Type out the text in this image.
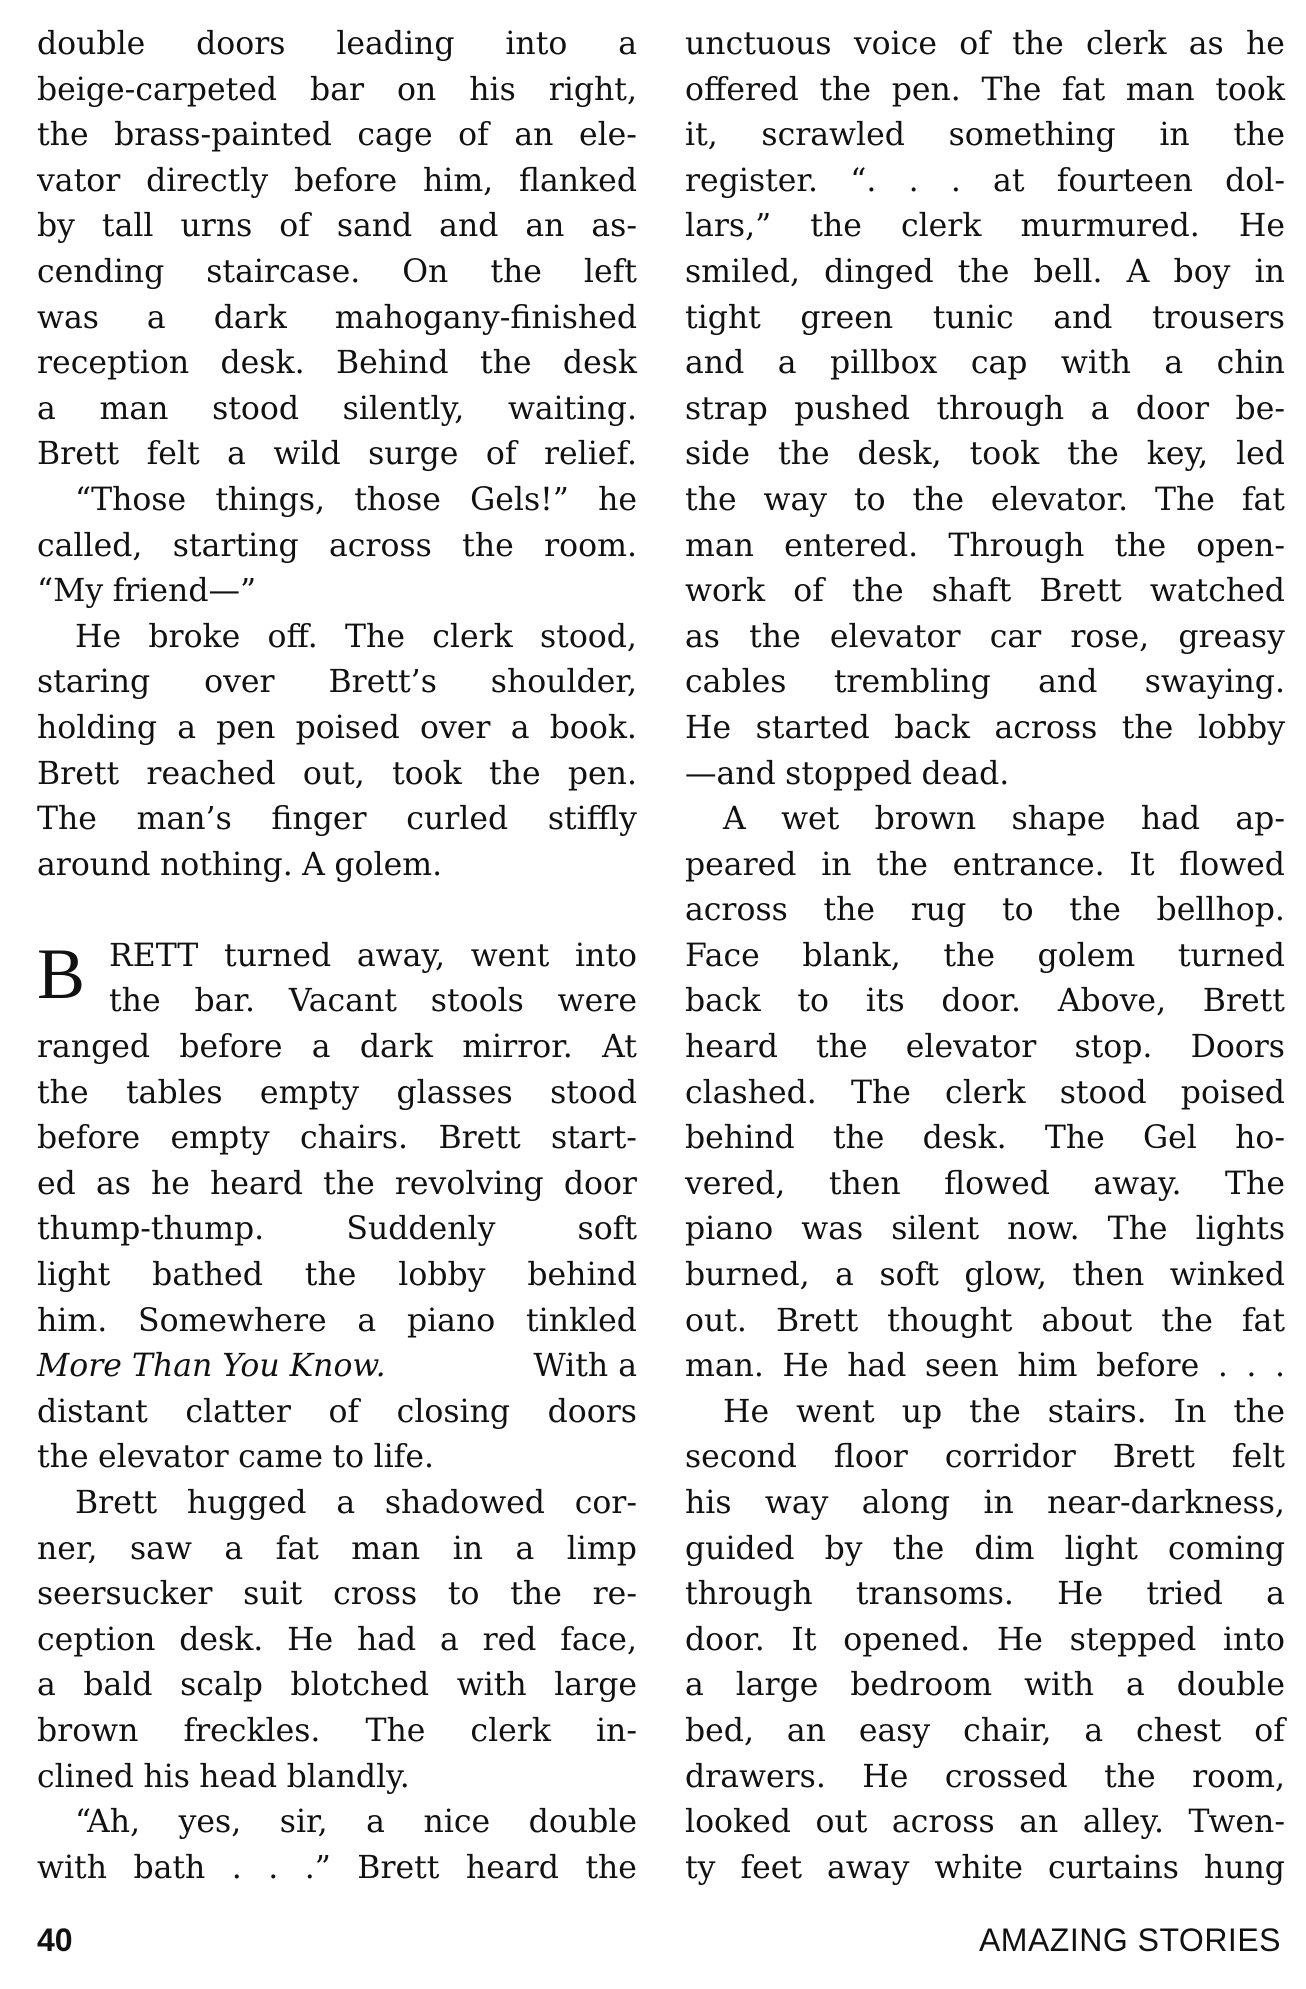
double doors leading into a
beige-carpeted bar on his right,
the brass-painted cage of an ele-
vator directly before him, flanked
by tall urns of sand and an as-
cending staircase. On the left
was a dark mahogany-finished
reception desk. Behind the desk
a man stood silently, waiting.
Brett felt a wild surge of relief.
“Those things, those Gels!” he
called, starting across the room.
“My friend—”
He broke off. The clerk stood,
staring over Brett’s shoulder,
holding a pen poised over a book.
Brett reached out, took the pen.
The man’s finger curled stiffly
around nothing. A golem.
B RETT turned away, went into
the bar. Vacant stools were
ranged before a dark mirror. At
the tables empty glasses stood
before empty chairs. Brett start-
ed as he heard the revolving door
thump-thump.	Suddenly	soft
light bathed the lobby behind
him. Somewhere a piano tinkled
More Than You Know.	With a
distant clatter of closing doors
the elevator came to life.
Brett hugged a shadowed cor-
ner, saw a fat man in a limp
seersucker suit cross to the re-
ception desk. He had a red face,
a bald scalp blotched with large
brown freckles. The clerk in-
clined his head blandly.
“Ah, yes, sir, a nice double
with bath . . .” Brett heard the
unctuous voice of the clerk as he
offered the pen. The fat man took
it, scrawled something in the
register. “. . . at fourteen dol-
lars,” the clerk murmured. He
smiled, dinged the bell. A boy in
tight green tunic and trousers
and a pillbox cap with a chin
strap pushed through a door be-
side the desk, took the key, led
the way to the elevator. The fat
man entered. Through the open-
work of the shaft Brett watched
as the elevator car rose, greasy
cables trembling and swaying.
He started back across the lobby
—and stopped dead.
A wet brown shape had ap-
peared in the entrance. It flowed
across the rug to the bellhop.
Face blank, the golem turned
back to its door. Above, Brett
heard the elevator stop. Doors
clashed. The clerk stood poised
behind the desk. The Gel ho-
vered, then flowed away. The
piano was silent now. The lights
burned, a soft glow, then winked
out. Brett thought about the fat
man. He had seen him before . . .
He went up the stairs. In the
second floor corridor Brett felt
his way along in near-darkness,
guided by the dim light coming
through transoms. He tried a
door. It opened. He stepped into
a large bedroom with a double
bed, an easy chair, a chest of
drawers. He crossed the room,
looked out across an alley. Twen-
ty feet away white curtains hung
40	AMAZING STORIES
